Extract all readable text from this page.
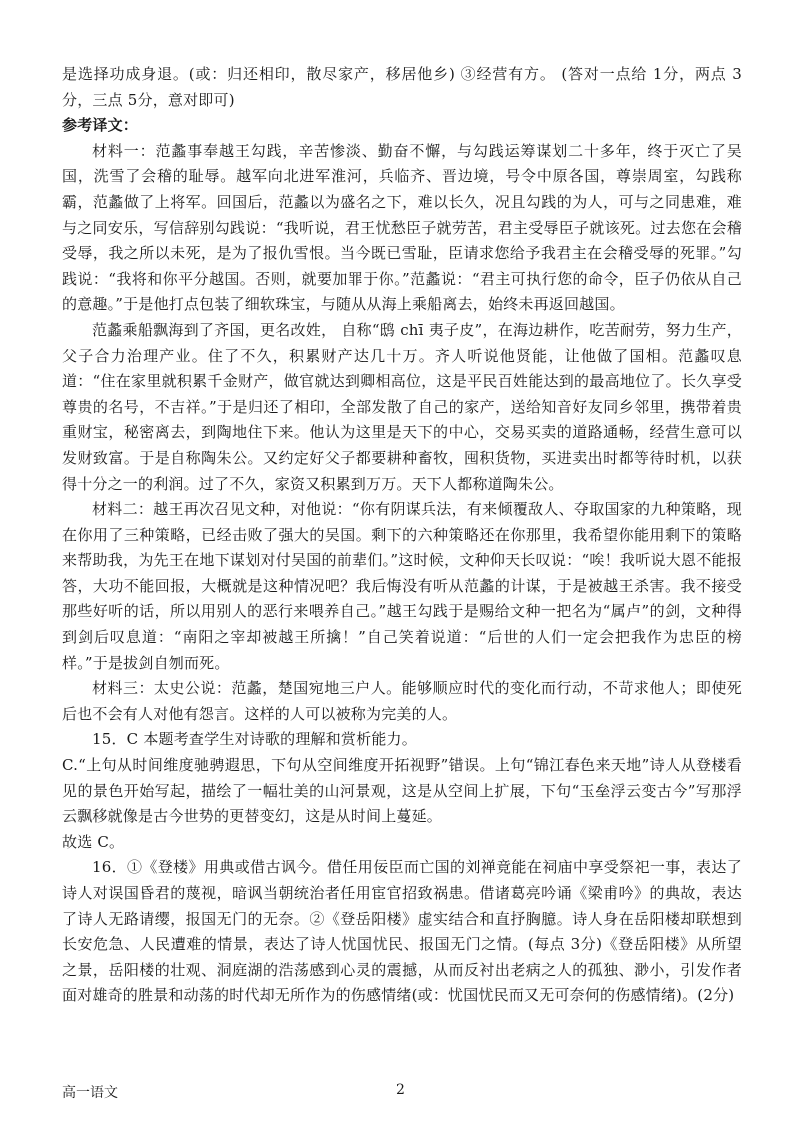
是选择功成身退。(或：归还相印，散尽家产，移居他乡) ③经营有方。 (答对一点给 1分，两点 3分，三点 5分，意对即可)

参考译文：

材料一：范蠡事奉越王勾践，辛苦惨淡、勤奋不懈，与勾践运筹谋划二十多年，终于灭亡了吴国，洗雪了会稽的耻辱。越军向北进军淮河，兵临齐、晋边境，号令中原各国，尊崇周室，勾践称霸，范蠡做了上将军。回国后，范蠡以为盛名之下，难以长久，况且勾践的为人，可与之同患难，难与之同安乐，写信辞别勾践说：“我听说，君王忧愁臣子就劳苦，君主受辱臣子就该死。过去您在会稽受辱，我之所以未死，是为了报仇雪恨。当今既已雪耻，臣请求您给予我君主在会稽受辱的死罪。”勾践说：“我将和你平分越国。否则，就要加罪于你。”范蠡说：“君主可执行您的命令，臣子仍依从自己的意趣。”于是他打点包装了细软珠宝，与随从从海上乘船离去，始终未再返回越国。

范蠡乘船飘海到了齐国，更名改姓， 自称“鸱 chī 夷子皮”，在海边耕作，吃苦耐劳，努力生产，父子合力治理产业。住了不久，积累财产达几十万。齐人听说他贤能，让他做了国相。范蠡叹息道：“住在家里就积累千金财产，做官就达到卿相高位，这是平民百姓能达到的最高地位了。长久享受尊贵的名号，不吉祥。”于是归还了相印，全部发散了自己的家产，送给知音好友同乡邻里，携带着贵重财宝，秘密离去，到陶地住下来。他认为这里是天下的中心，交易买卖的道路通畅，经营生意可以发财致富。于是自称陶朱公。又约定好父子都要耕种畜牧，囤积货物，买进卖出时都等待时机，以获得十分之一的利润。过了不久，家资又积累到万万。天下人都称道陶朱公。

材料二：越王再次召见文种，对他说：“你有阴谋兵法，有来倾覆敌人、夺取国家的九种策略，现在你用了三种策略，已经击败了强大的吴国。剩下的六种策略还在你那里，我希望你能用剩下的策略来帮助我，为先王在地下谋划对付吴国的前辈们。”这时候，文种仰天长叹说：“唉！我听说大恩不能报答，大功不能回报，大概就是这种情况吧？我后悔没有听从范蠡的计谋，于是被越王杀害。我不接受那些好听的话，所以用别人的恶行来喂养自己。”越王勾践于是赐给文种一把名为“属卢”的剑，文种得到剑后叹息道：“南阳之宰却被越王所擒！”自己笑着说道：“后世的人们一定会把我作为忠臣的榜样。”于是拔剑自刎而死。

材料三：太史公说：范蠡，楚国宛地三户人。能够顺应时代的变化而行动，不苛求他人；即使死后也不会有人对他有怨言。这样的人可以被称为完美的人。

15．C 本题考查学生对诗歌的理解和赏析能力。

C.“上句从时间维度驰骋遐思，下句从空间维度开拓视野”错误。上句“锦江春色来天地”诗人从登楼看见的景色开始写起，描绘了一幅壮美的山河景观，这是从空间上扩展，下句“玉垒浮云变古今”写那浮云飘移就像是古今世势的更替变幻，这是从时间上蔓延。

故选 C。

16．①《登楼》用典或借古讽今。借任用佞臣而亡国的刘禅竟能在祠庙中享受祭祀一事，表达了诗人对误国昏君的蔑视，暗讽当朝统治者任用宦官招致祸患。借诸葛亮吟诵《梁甫吟》的典故，表达了诗人无路请缨，报国无门的无奈。②《登岳阳楼》虚实结合和直抒胸臆。诗人身在岳阳楼却联想到长安危急、人民遭难的情景，表达了诗人忧国忧民、报国无门之情。(每点 3分)《登岳阳楼》从所望之景，岳阳楼的壮观、洞庭湖的浩荡感到心灵的震撼，从而反衬出老病之人的孤独、渺小，引发作者面对雄奇的胜景和动荡的时代却无所作为的伤感情绪(或：忧国忧民而又无可奈何的伤感情绪)。(2分)

高一语文	2
